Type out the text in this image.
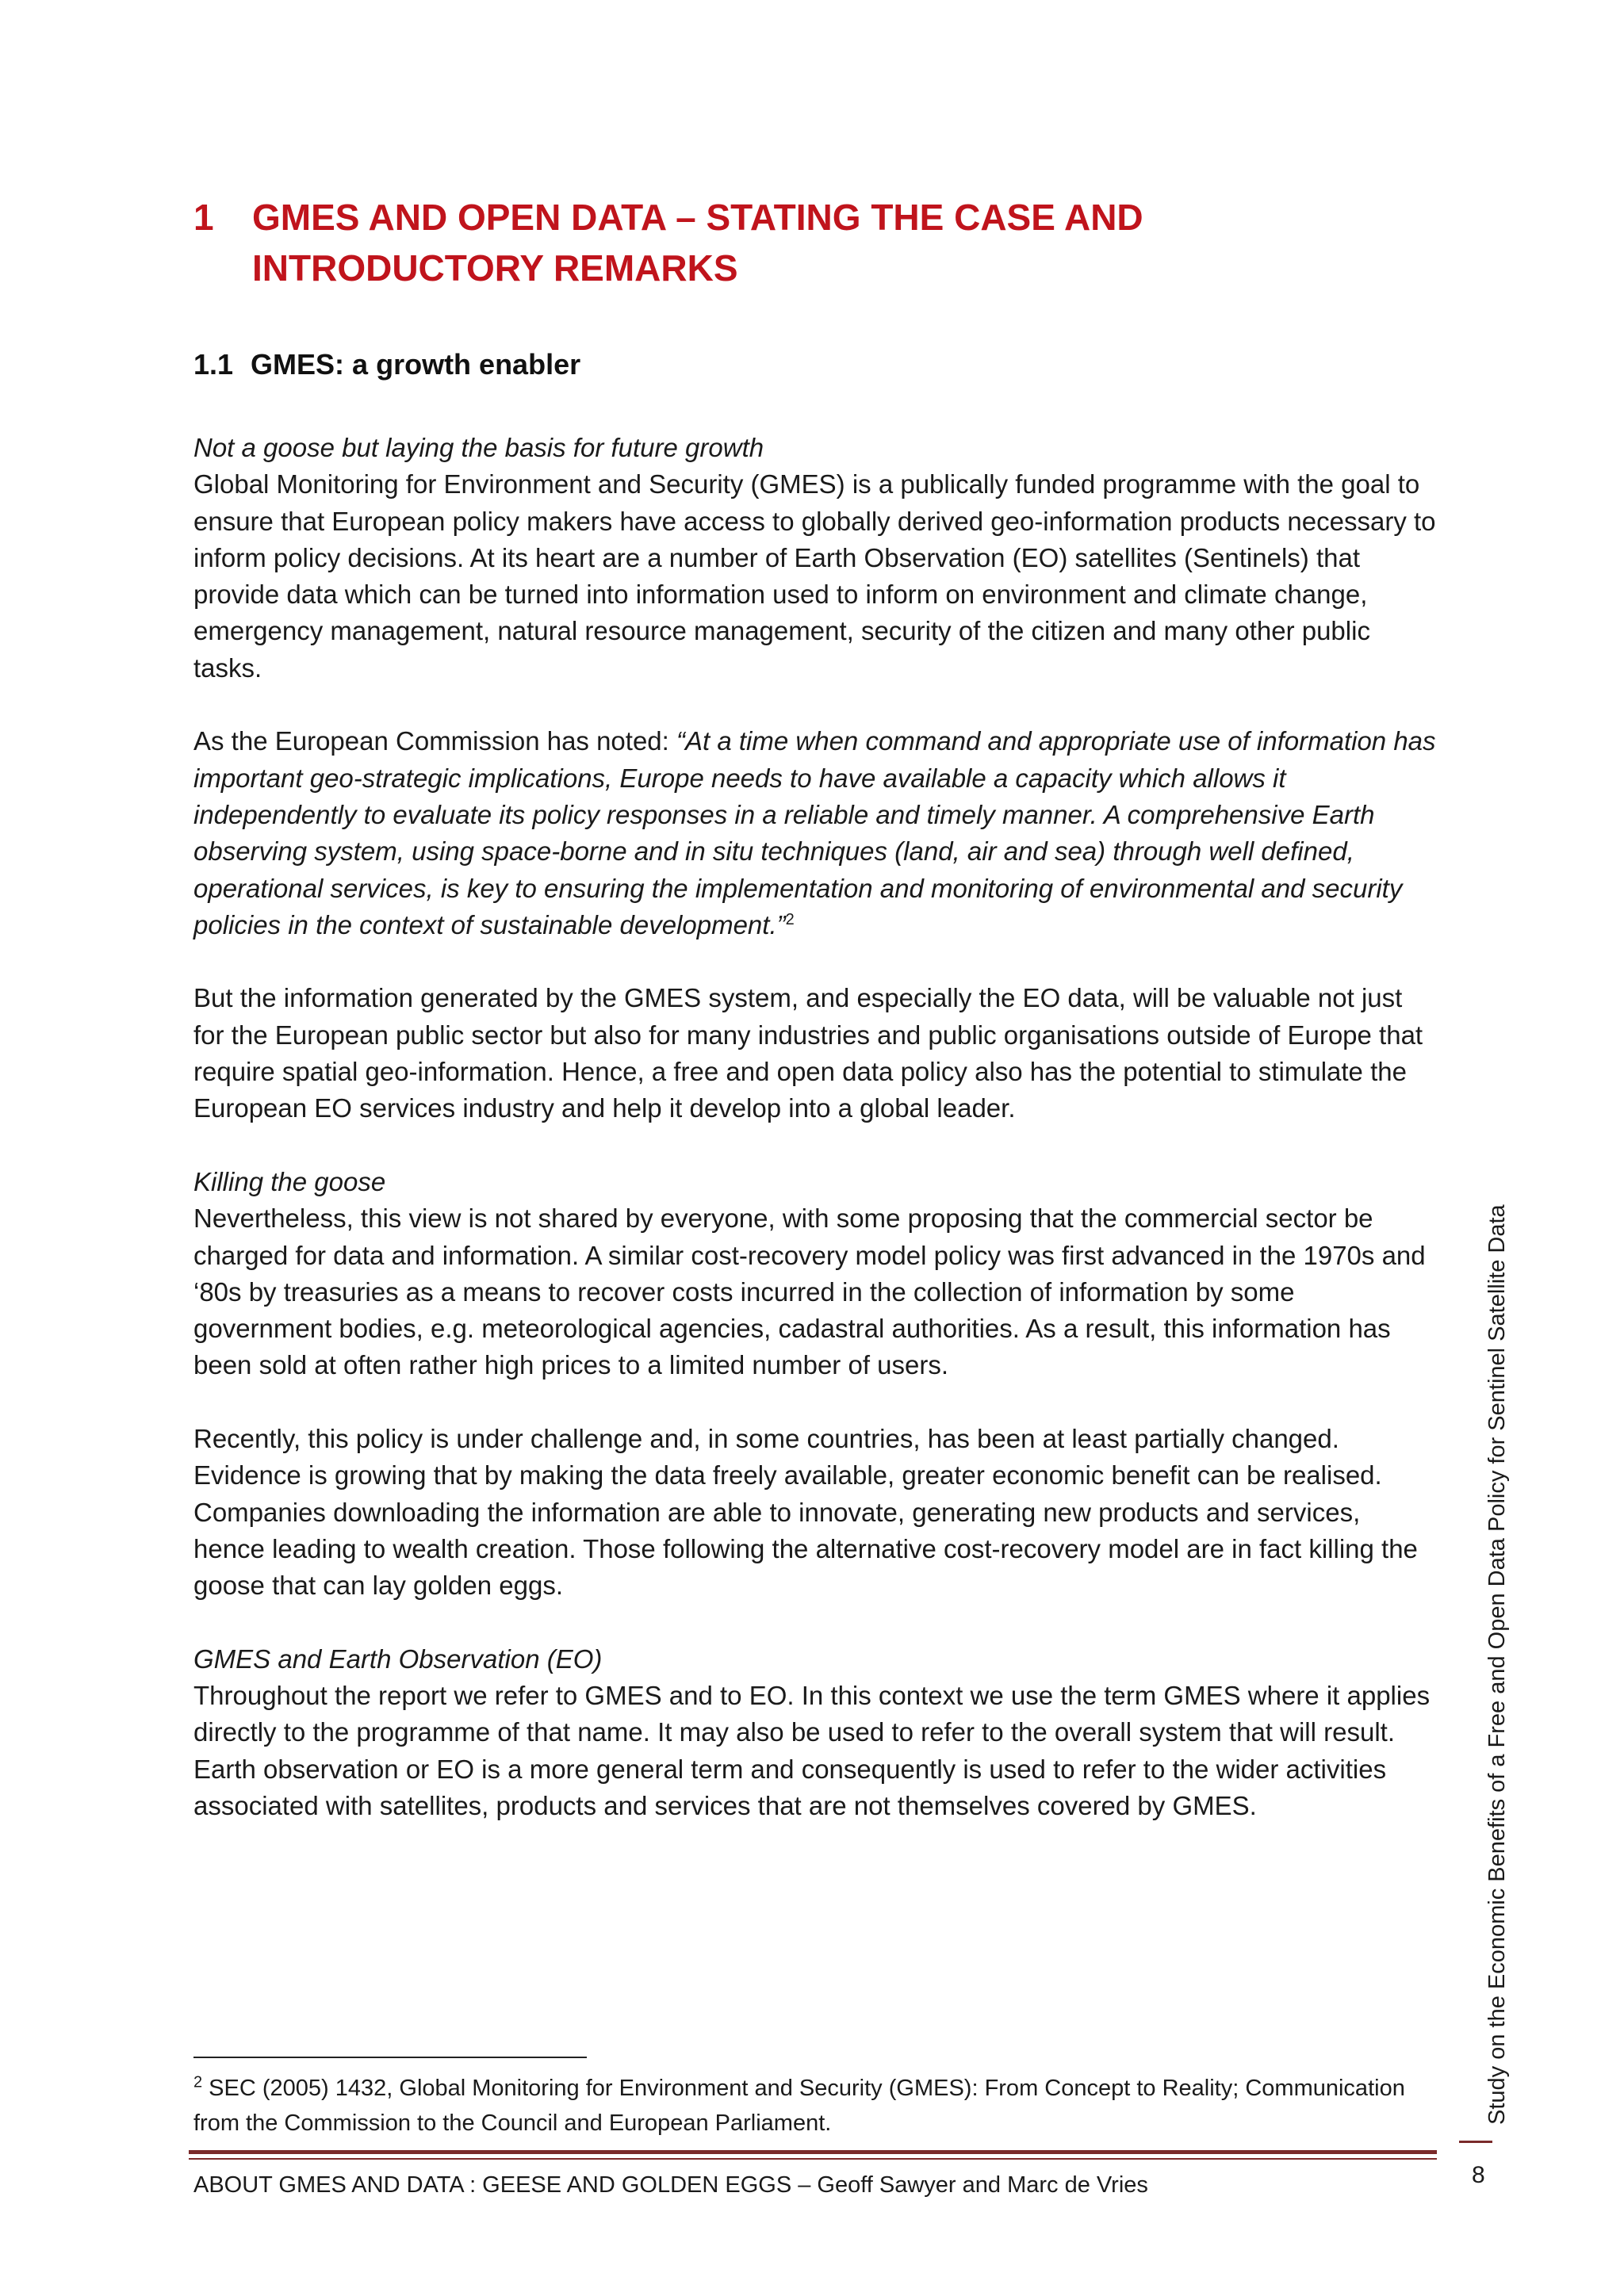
1 GMES AND OPEN DATA – STATING THE CASE AND INTRODUCTORY REMARKS
1.1 GMES: a growth enabler

Not a goose but laying the basis for future growth
Global Monitoring for Environment and Security (GMES) is a publically funded programme with the goal to ensure that European policy makers have access to globally derived geo-information products necessary to inform policy decisions. At its heart are a number of Earth Observation (EO) satellites (Sentinels) that provide data which can be turned into information used to inform on environment and climate change, emergency management, natural resource management, security of the citizen and many other public tasks.

As the European Commission has noted: “At a time when command and appropriate use of information has important geo-strategic implications, Europe needs to have available a capacity which allows it independently to evaluate its policy responses in a reliable and timely manner. A comprehensive Earth observing system, using space-borne and in situ techniques (land, air and sea) through well defined, operational services, is key to ensuring the implementation and monitoring of environmental and security policies in the context of sustainable development.”$^2$

But the information generated by the GMES system, and especially the EO data, will be valuable not just for the European public sector but also for many industries and public organisations outside of Europe that require spatial geo-information. Hence, a free and open data policy also has the potential to stimulate the European EO services industry and help it develop into a global leader.

Killing the goose
Nevertheless, this view is not shared by everyone, with some proposing that the commercial sector be charged for data and information. A similar cost-recovery model policy was first advanced in the 1970s and ‘80s by treasuries as a means to recover costs incurred in the collection of information by some government bodies, e.g. meteorological agencies, cadastral authorities. As a result, this information has been sold at often rather high prices to a limited number of users.

Recently, this policy is under challenge and, in some countries, has been at least partially changed. Evidence is growing that by making the data freely available, greater economic benefit can be realised. Companies downloading the information are able to innovate, generating new products and services, hence leading to wealth creation. Those following the alternative cost-recovery model are in fact killing the goose that can lay golden eggs.

GMES and Earth Observation (EO)
Throughout the report we refer to GMES and to EO. In this context we use the term GMES where it applies directly to the programme of that name. It may also be used to refer to the overall system that will result. Earth observation or EO is a more general term and consequently is used to refer to the wider activities associated with satellites, products and services that are not themselves covered by GMES.

$^2$ SEC (2005) 1432, Global Monitoring for Environment and Security (GMES): From Concept to Reality; Communication from the Commission to the Council and European Parliament.
ABOUT GMES AND DATA : GEESE AND GOLDEN EGGS – Geoff Sawyer and Marc de Vries
Study on the Economic Benefits of a Free and Open Data Policy for Sentinel Satellite Data
8
